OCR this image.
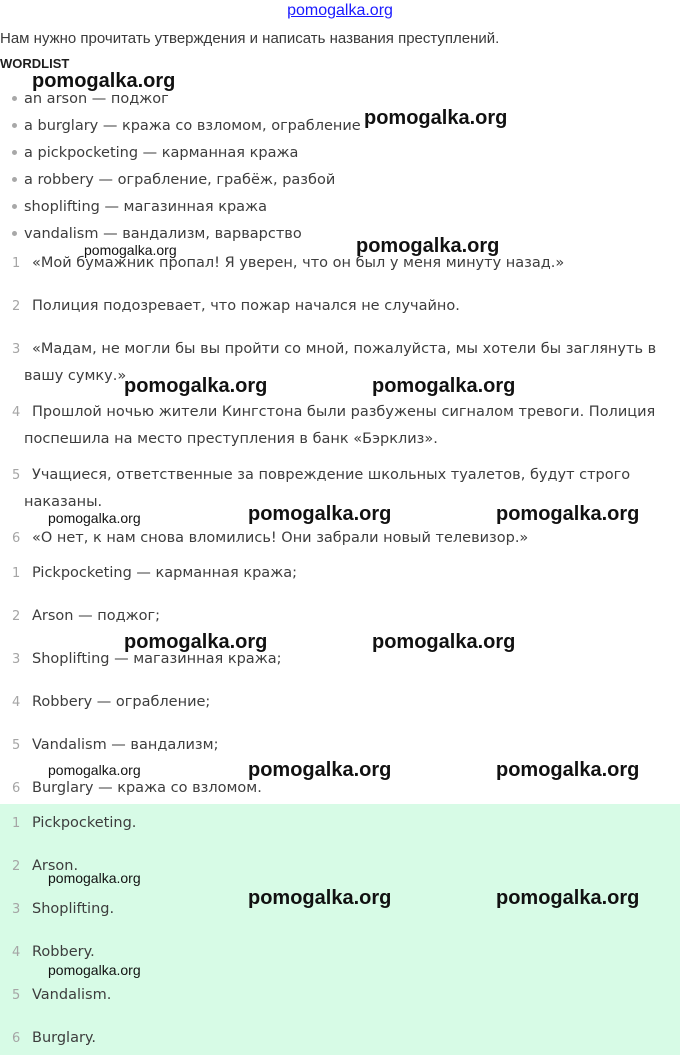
pomogalka.org
Нам нужно прочитать утверждения и написать названия преступлений.
WORDLIST
an arson — поджог
a burglary — кража со взломом, ограбление
a pickpocketing — карманная кража
a robbery — ограбление, грабёж, разбой
shoplifting — магазинная кража
vandalism — вандализм, варварство
1 «Мой бумажник пропал! Я уверен, что он был у меня минуту назад.»
2 Полиция подозревает, что пожар начался не случайно.
3 «Мадам, не могли бы вы пройти со мной, пожалуйста, мы хотели бы заглянуть в вашу сумку.»
4 Прошлой ночью жители Кингстона были разбужены сигналом тревоги. Полиция поспешила на место преступления в банк «Бэрклиз».
5 Учащиеся, ответственные за повреждение школьных туалетов, будут строго наказаны.
6 «О нет, к нам снова вломились! Они забрали новый телевизор.»
1 Pickpocketing — карманная кража;
2 Arson — поджог;
3 Shoplifting — магазинная кража;
4 Robbery — ограбление;
5 Vandalism — вандализм;
6 Burglary — кража со взломом.
1 Pickpocketing.
2 Arson.
3 Shoplifting.
4 Robbery.
5 Vandalism.
6 Burglary.
pomogalka.org
pomogalka.org
pomogalka.org	pomogalka.org
pomogalka.org	pomogalka.org
pomogalka.org	pomogalka.org	pomogalka.org
pomogalka.org	pomogalka.org
pomogalka.org	pomogalka.org	pomogalka.org
pomogalka.org
pomogalka.org	pomogalka.org
pomogalka.org
